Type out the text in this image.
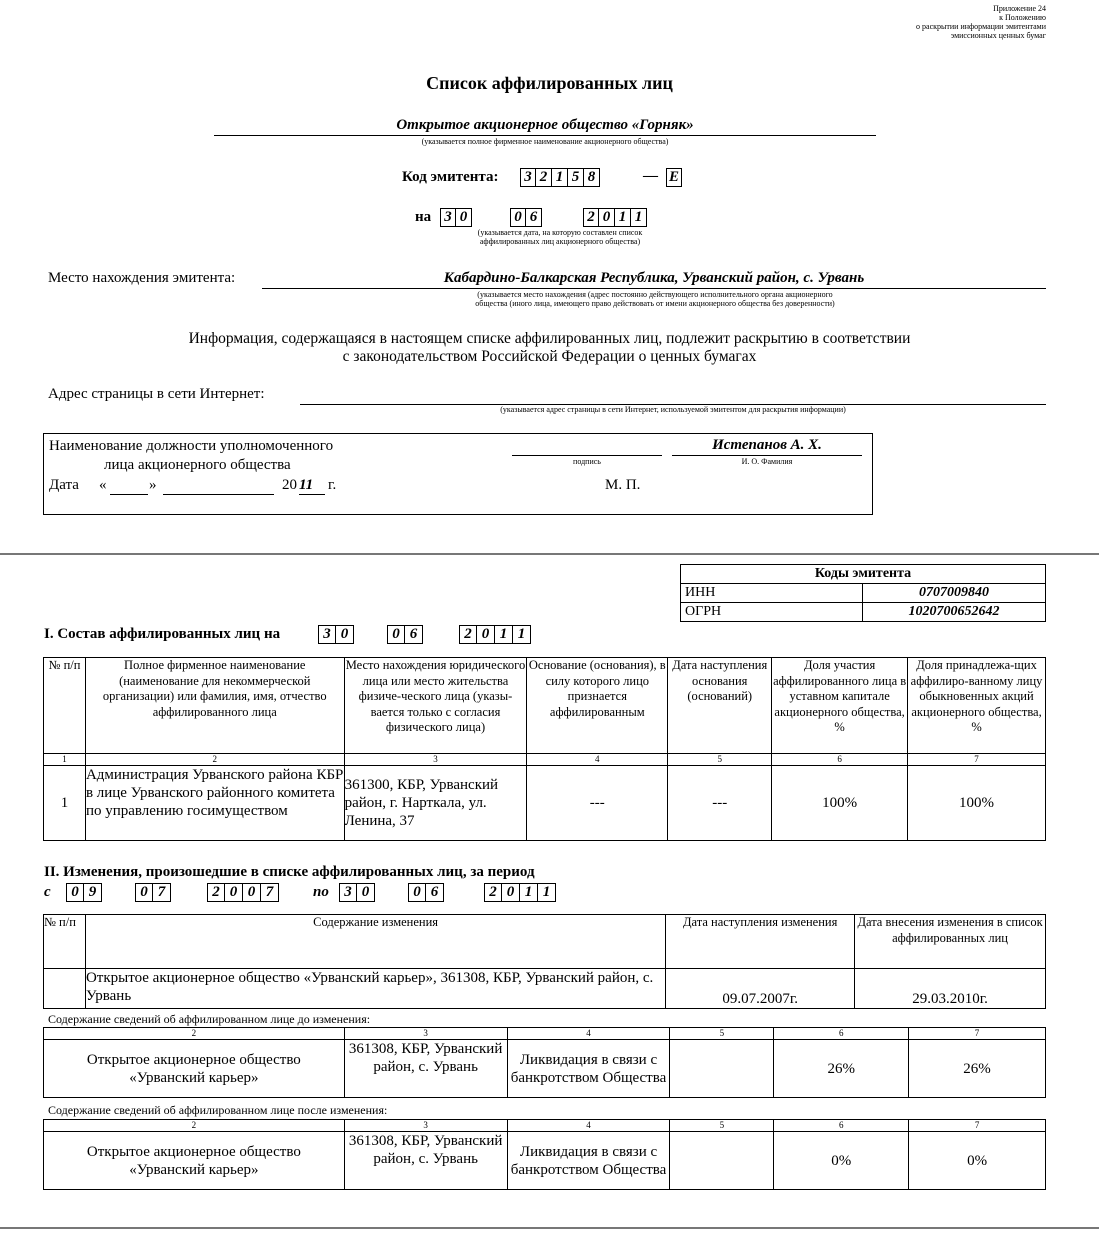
Приложение 24
к Положению
о раскрытии информации эмитентами
эмиссионных ценных бумаг
Список аффилированных лиц
Открытое акционерное общество «Горняк»
(указывается полное фирменное наименование акционерного общества)
Код эмитента: 3 2 1 5 8	— Е
на 3 0	0 6	2 0 1 1
(указывается дата, на которую составлен список
аффилированных лиц акционерного общества)
Место нахождения эмитента:	Кабардино-Балкарская Республика, Урванский район, с. Урвань
(указывается место нахождения (адрес постоянно действующего исполнительного органа акционерного
общества (иного лица, имеющего право действовать от имени акционерного общества без доверенности)
Информация, содержащаяся в настоящем списке аффилированных лиц, подлежит раскрытию в соответствии
с законодательством Российской Федерации о ценных бумагах
Адрес страницы в сети Интернет:
(указывается адрес страницы в сети Интернет, используемой эмитентом для раскрытия информации)
Наименование должности уполномоченного
лица акционерного общества	подпись
Истепанов А. Х.
И. О. Фамилия
Дата «	»	20 11 г.	М. П.
Коды эмитента	
ИНН	0707009840
ОГРН	1020700652642
I. Состав аффилированных лиц на	3 0	0 6	2 0 1 1
№ п/п	Полное фирменное наименование (наименование для некоммерческой организации) или фамилия, имя, отчество аффилированного лица	Место нахождения юридического лица или место жительства физиче-ческого лица (указы-вается только с согласия физического лица)	Основание (основания), в силу которого лицо признается аффилированным	Дата наступления основания (оснований)	Доля участия аффилированного лица в уставном капитале акционерного общества, %	Доля принадлежа-щих аффилиро-ванному лицу обыкновенных акций акционерного общества, %
1	2	3	4	5	6	7
1	Администрация Урванского района КБР в лице Урванского районного комитета по управлению госимуществом	361300, КБР, Урванский район, г. Нарткала, ул. Ленина, 37	---	---	100%	100%
II. Изменения, произошедшие в списке аффилированных лиц, за период
с	0 9	0 7	2 0 0 7	по	3 0	0 6	2 0 1 1
№ п/п	Содержание изменения	Дата наступления изменения	Дата внесения изменения в список аффилированных лиц
	Открытое акционерное общество «Урванский карьер», 361308, КБР, Урванский район, с. Урвань	09.07.2007г.	29.03.2010г.
Содержание сведений об аффилированном лице до изменения:
2	3	4	5	6	7
Открытое акционерное общество «Урванский карьер»	361308, КБР, Урванский район, с. Урвань	Ликвидация в связи с банкротством Общества		26%	26%
Содержание сведений об аффилированном лице после изменения:
2	3	4	5	6	7
Открытое акционерное общество «Урванский карьер»	361308, КБР, Урванский район, с. Урвань	Ликвидация в связи с банкротством Общества		0%	0%
